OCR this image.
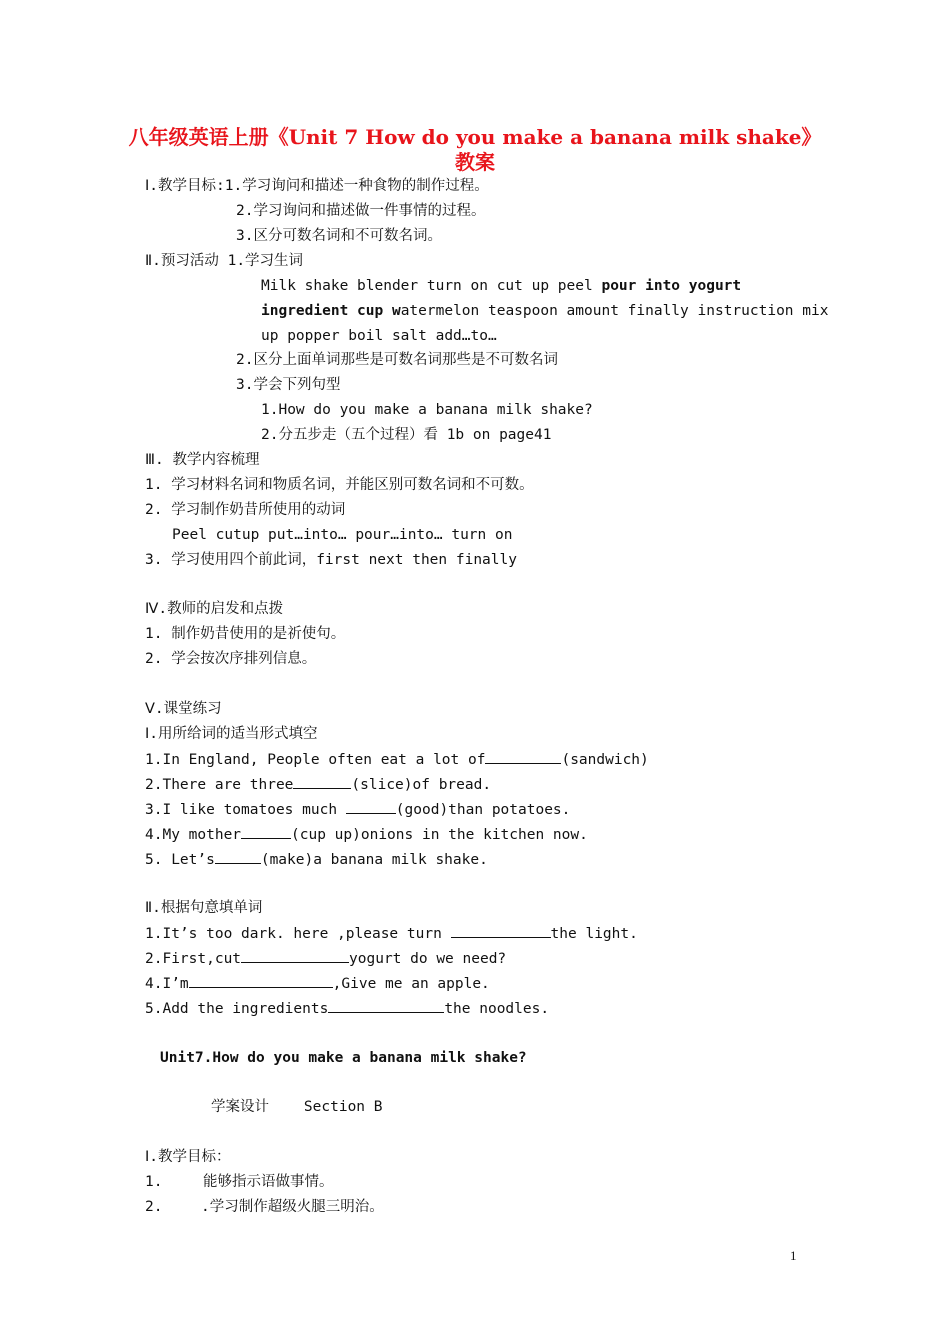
八年级英语上册《Unit 7 How do you make a banana milk shake》
教案
Ⅰ.教学目标:1.学习询问和描述一种食物的制作过程。
2.学习询问和描述做一件事情的过程。
3.区分可数名词和不可数名词。
Ⅱ.预习活动 1.学习生词
Milk shake blender turn on cut up peel pour into yogurt
ingredient cup watermelon teaspoon amount finally instruction mix
up popper boil salt add…to…
2.区分上面单词那些是可数名词那些是不可数名词
3.学会下列句型
1.How do you make a banana milk shake?
2.分五步走（五个过程）看 1b on page41
Ⅲ. 教学内容梳理
1. 学习材料名词和物质名词，并能区别可数名词和不可数。
2. 学习制作奶昔所使用的动词
Peel cutup put…into… pour…into… turn on
3. 学习使用四个前此词，first next then finally
Ⅳ.教师的启发和点拨
1. 制作奶昔使用的是祈使句。
2. 学会按次序排列信息。
Ⅴ.课堂练习
Ⅰ.用所给词的适当形式填空
1.In England, People often eat a lot of	(sandwich)
2.There are three	(slice)of bread.
3.I like tomatoes much	(good)than potatoes.
4.My mother	(cup up)onions in the kitchen now.
5. Let’s	(make)a banana milk shake.
Ⅱ.根据句意填单词
1.It’s too dark. here ,please turn	the light.
2.First,cut	yogurt do we need?
4.I’m	,Give me an apple.
5.Add the ingredients	the noodles.
Unit7.How do you make a banana milk shake?
学案设计    Section B
Ⅰ.教学目标：
1.	能够指示语做事情。
2.	.学习制作超级火腿三明治。
1
